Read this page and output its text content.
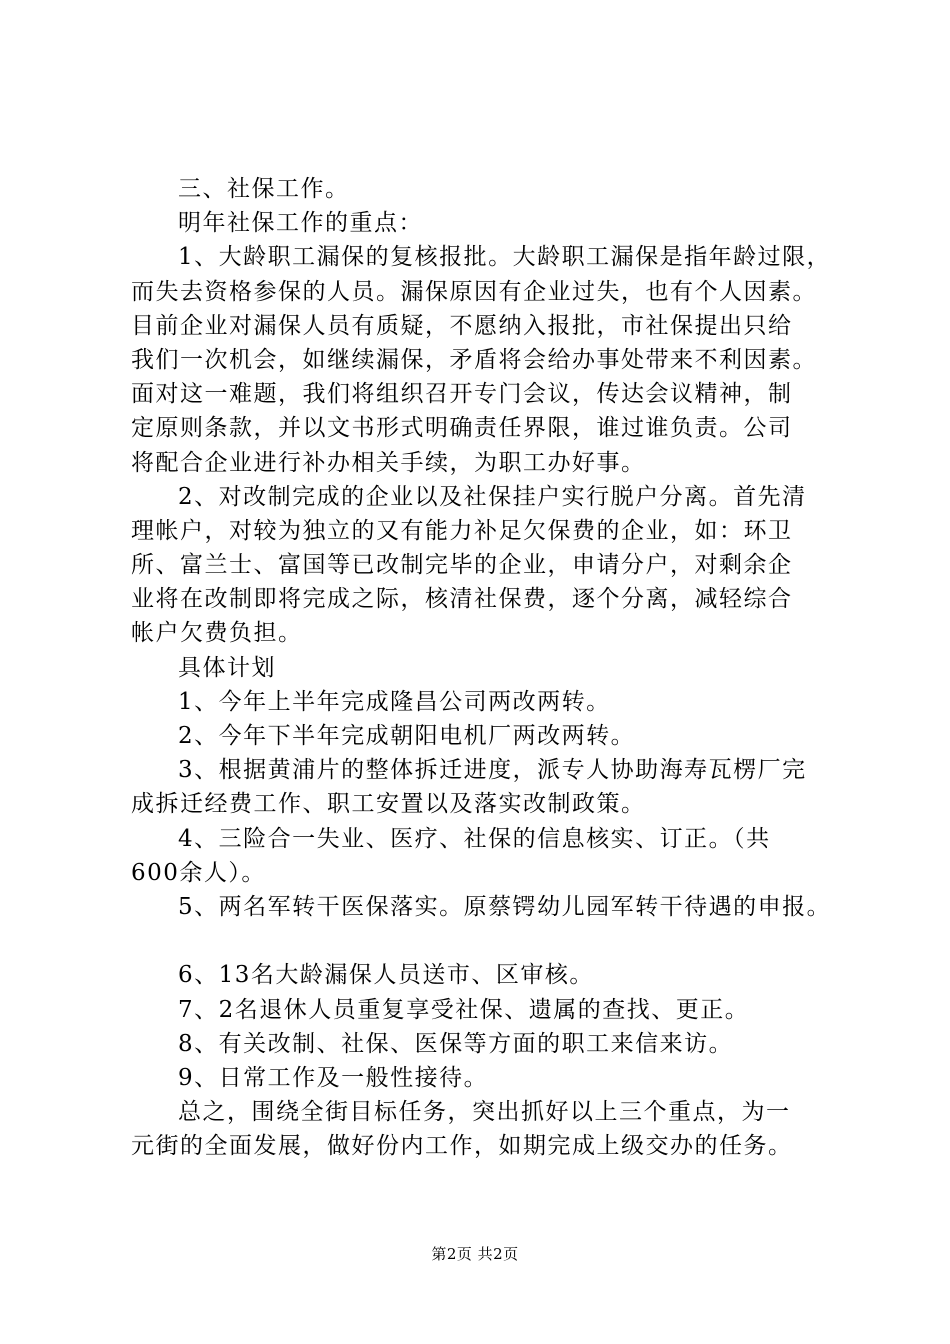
三、社保工作。
明年社保工作的重点：
1、大龄职工漏保的复核报批。大龄职工漏保是指年龄过限，
而失去资格参保的人员。漏保原因有企业过失，也有个人因素。
目前企业对漏保人员有质疑，不愿纳入报批，市社保提出只给
我们一次机会，如继续漏保，矛盾将会给办事处带来不利因素。
面对这一难题，我们将组织召开专门会议，传达会议精神，制
定原则条款，并以文书形式明确责任界限，谁过谁负责。公司
将配合企业进行补办相关手续，为职工办好事。
2、对改制完成的企业以及社保挂户实行脱户分离。首先清
理帐户，对较为独立的又有能力补足欠保费的企业，如：环卫
所、富兰士、富国等已改制完毕的企业，申请分户，对剩余企
业将在改制即将完成之际，核清社保费，逐个分离，减轻综合
帐户欠费负担。
具体计划
1、今年上半年完成隆昌公司两改两转。
2、今年下半年完成朝阳电机厂两改两转。
3、根据黄浦片的整体拆迁进度，派专人协助海寿瓦楞厂完
成拆迁经费工作、职工安置以及落实改制政策。
4、三险合一失业、医疗、社保的信息核实、订正。（共
600余人）。
5、两名军转干医保落实。原蔡锷幼儿园军转干待遇的申报。
6、13名大龄漏保人员送市、区审核。
7、2名退休人员重复享受社保、遗属的查找、更正。
8、有关改制、社保、医保等方面的职工来信来访。
9、日常工作及一般性接待。
总之，围绕全街目标任务，突出抓好以上三个重点，为一
元街的全面发展，做好份内工作，如期完成上级交办的任务。
第2页 共2页
